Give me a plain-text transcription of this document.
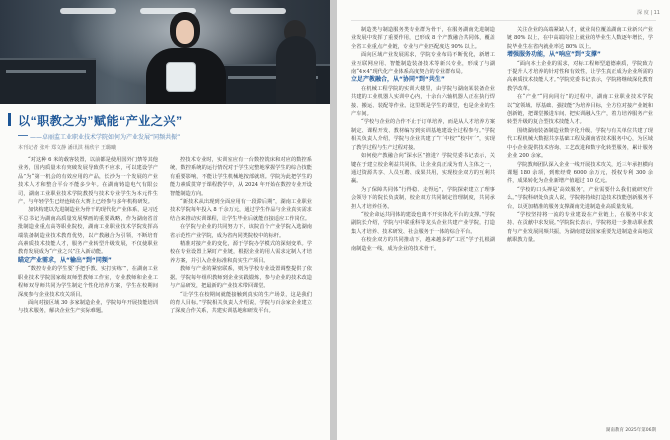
以“职教之为”赋能“产业之兴”
——卓丽监工业职业技术学院如何为产业发展“同频共振”
本刊记者 张叶 郑文静 潘讯淇 杨欣宇 王璐曦

“对这种 6 米的载客装置，以前都是使用国外门禁等其他业务，国内质量未有突破发展导致供不应求，可以建设学产品”为“第一机会的有效应用的产品，长沙为一个发展的产业技术人才和整合平台不能多少年。在湖南铸造电气有限公司，湖南工业职业技术学院教授与技术专业学生为本元件生产，与年轻学生已经连续在大赛上已经参与多年机构研发。

加快构建以先进制造业为骨干的现代化产业体系，是习近平总书记为湖南高质量发展擘画的重要战略，作为湖南省首批制造业重点高等职业院校，湖南工业职业技术学院发挥高端装备制造业技术教育优势，以产教融合为引领，不断培育高素质技术技能人才，服务产业转型升级发展，不仅使职业教育发展成为“产业之兴”注入新动能。

瞄定产业需求，从“输出”到“同频”

“数控专业的学生要‘手把手教、实打实练’”，在湖南工业职业技术学院国家级双师型教师工作室，专业教师和企业工程师双导师共同为学生制定个性化培养方案，学生在校期间深度参与企业技术攻关项目。

面向对接区域 30 多家制造企业，学院每年开展技能培训与技术服务，解决企业生产实际难题。

控技术专业时，实训室应有一台数控铣床和对应的数控系统，数控系统的运行情况对于学生完整地掌握学生的综合技能有重要影响，不能让学生机械地按部就班。学院为此把学生的能力素质贯穿于课程教学中，从 2024 年开始在数控专业开设智能制造方向。

“新技术从出现到全面应用有一段滞后期”，湖南工业职业技术学院每年投入 8 千余万元，通过学生作品与企业真实需求结合来推动实训课程，让学生毕业后就能直接适应工作岗位。

在学院与企业的共同努力下，该院首个产业学院入选湖南省示范性产业学院，成为省内同类院校中的标杆。

精准对接产业的变化，源于学院办学模式的深刻变革。学校在专业设置上紧盯产业链，根据企业的用人需求定制人才培养方案，并引入企业标准和真实生产项目。

教师与产业的紧密联系，则为学校专业设置调整提供了依据。学院每年组织教师到企业实践锻炼，参与企业的技术改造与产品研发，把最新的产业技术带回课堂。

“让学生在校期间就能接触到真实的生产场景，这是我们的育人目标。”学院相关负责人介绍说，学院与百余家企业建立了深度合作关系，共建实训基地和研发平台。

深 度 | 11

制造类与制造服务类专业群为骨干，在服务湖南先进制造业发展中发挥了重要作用，已形成 8 个产教融合共同体，覆盖全省工业重点产业链，专业与产业匹配度达 90% 以上。

面向区域产业发展需求，学院专业布局不断优化，新增工业互联网应用、智能制造装备技术等新兴专业，形成了与湖南“4×4”现代化产业体系高度契合的专业群布局。

立足产教融合，从“协同”到“共生”

在机械工程学院的实训大楼里，由学院与湖南某装备企业共建的工业机器人实训中心内，十余台六轴机器人正在执行焊接、搬运、装配等作业。这里既是学生的课堂，也是企业的生产车间。

“学校与企业的合作不止于订单培养，而是从人才培养方案制定、课程开发、教材编写到实训基地建设全过程参与。”学院相关负责人介绍，学院与企业共建了“厂中校”“校中厂”，实现了教学过程与生产过程对接。

如何使产教融合向“深水区”推进？学院党委书记表示，关键在于建立校企利益共同体，让企业真正成为育人主体之一，通过资源共享、人员互聘、成果共用，实现校企双方的互利共赢。

为了保障共同体“行得稳、走得远”，学院探索建立了理事会领导下的院长负责制，校企双方共同制定管理制度，共同承担人才培养任务。

“校企命运共同体的建设也离不开实体化平台的支撑。”学院副院长介绍，学院与中联重科等龙头企业共建产业学院，打造集人才培养、技术研发、社会服务于一体的综合平台。

在校企双方的共同推动下，越来越多的“工匠”学子扎根湖南制造业一线，成为企业的技术骨干。

关注企业的高端紧缺人才，就业岗位覆盖湖南工业新兴产业链 80% 以上，在中高端岗位上就业的毕业生人数逐年增长，学院毕业生在省内就业率达 80% 以上。

增强服务功能，从“响应”到“支撑”

“面向本土企业的需求，对标工程师型道德素质，学院致力于提升人才培养的针对性和有效性，让学生真正成为企业所需的高素质技术技能人才。”学院党委书记表示，学院将继续深化教育教学改革。

在“产业”“同向同行”的过程中，湖南工业职业技术学院以“宽领域、厚基础、强技能”为培养目标，全方位对接产业链和创新链，把课堂搬进车间、把实训融入生产，着力培养服务产业转型升级的复合型技术技能人才。

围绕湖南装备制造业数字化升级，学院与有关单位共建了现代工程机械大数据共享基础工程及湖南省技术服务中心，为区域中小企业提供技术咨询、工艺改进和数字化转型服务，累计服务企业 200 余家。

学院教师团队深入企业一线开展技术攻关，近三年承担横向课题 180 余项，到账经费 6000 余万元，授权专利 300 余件，成果转化为企业新增产值超过 10 亿元。

“学校的口头禅是‘高效服务’，产业需要什么我们就研究什么。”学院科研处负责人说，学院将持续打造技术技能创新服务平台，以更加精准的服务支撑湖南先进制造业高质量发展。

“学校坚持将一流的专业建设在产业链上，在服务中求支持、在贡献中求发展。”学院院长表示，学院将进一步推动职业教育与产业发展同频共振，为湖南建设国家重要先进制造业高地贡献职教力量。

湖南教育 2025年第06期
